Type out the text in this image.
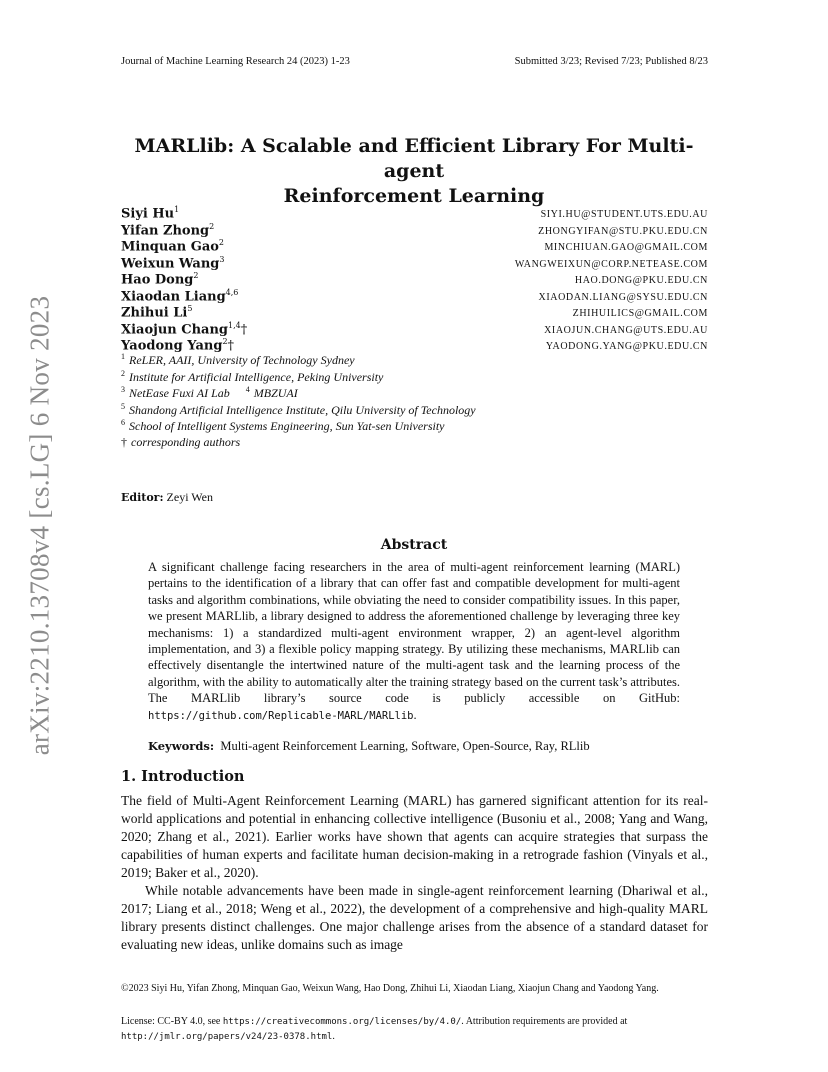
arXiv:2210.13708v4 [cs.LG] 6 Nov 2023
Journal of Machine Learning Research 24 (2023) 1-23	Submitted 3/23; Revised 7/23; Published 8/23
MARLlib: A Scalable and Efficient Library For Multi-agent
Reinforcement Learning
Siyi Hu$^1$	SIYI.HU@STUDENT.UTS.EDU.AU
Yifan Zhong$^2$	ZHONGYIFAN@STU.PKU.EDU.CN
Minquan Gao$^2$	MINCHIUAN.GAO@GMAIL.COM
Weixun Wang$^3$	WANGWEIXUN@CORP.NETEASE.COM
Hao Dong$^2$	HAO.DONG@PKU.EDU.CN
Xiaodan Liang$^{4,6}$	XIAODAN.LIANG@SYSU.EDU.CN
Zhihui Li$^5$	ZHIHUILICS@GMAIL.COM
Xiaojun Chang$^{1,4}$†	XIAOJUN.CHANG@UTS.EDU.AU
Yaodong Yang$^2$†	YAODONG.YANG@PKU.EDU.CN
$^1$ ReLER, AAII, University of Technology Sydney
$^2$ Institute for Artificial Intelligence, Peking University
$^3$ NetEase Fuxi AI Lab $^4$ MBZUAI
$^5$ Shandong Artificial Intelligence Institute, Qilu University of Technology
$^6$ School of Intelligent Systems Engineering, Sun Yat-sen University
† corresponding authors
Editor: Zeyi Wen
Abstract
A significant challenge facing researchers in the area of multi-agent reinforcement learning (MARL) pertains to the identification of a library that can offer fast and compatible development for multi-agent tasks and algorithm combinations, while obviating the need to consider compatibility issues. In this paper, we present MARLlib, a library designed to address the aforementioned challenge by leveraging three key mechanisms: 1) a standardized multi-agent environment wrapper, 2) an agent-level algorithm implementation, and 3) a flexible policy mapping strategy. By utilizing these mechanisms, MARLlib can effectively disentangle the intertwined nature of the multi-agent task and the learning process of the algorithm, with the ability to automatically alter the training strategy based on the current task’s attributes. The MARLlib library’s source code is publicly accessible on GitHub: https://github.com/Replicable-MARL/MARLlib.
Keywords: Multi-agent Reinforcement Learning, Software, Open-Source, Ray, RLlib
1. Introduction
The field of Multi-Agent Reinforcement Learning (MARL) has garnered significant attention for its real-world applications and potential in enhancing collective intelligence (Busoniu et al., 2008; Yang and Wang, 2020; Zhang et al., 2021). Earlier works have shown that agents can acquire strategies that surpass the capabilities of human experts and facilitate human decision-making in a retrograde fashion (Vinyals et al., 2019; Baker et al., 2020).
While notable advancements have been made in single-agent reinforcement learning (Dhariwal et al., 2017; Liang et al., 2018; Weng et al., 2022), the development of a comprehensive and high-quality MARL library presents distinct challenges. One major challenge arises from the absence of a standard dataset for evaluating new ideas, unlike domains such as image
©2023 Siyi Hu, Yifan Zhong, Minquan Gao, Weixun Wang, Hao Dong, Zhihui Li, Xiaodan Liang, Xiaojun Chang and Yaodong Yang.
License: CC-BY 4.0, see https://creativecommons.org/licenses/by/4.0/. Attribution requirements are provided at http://jmlr.org/papers/v24/23-0378.html.
